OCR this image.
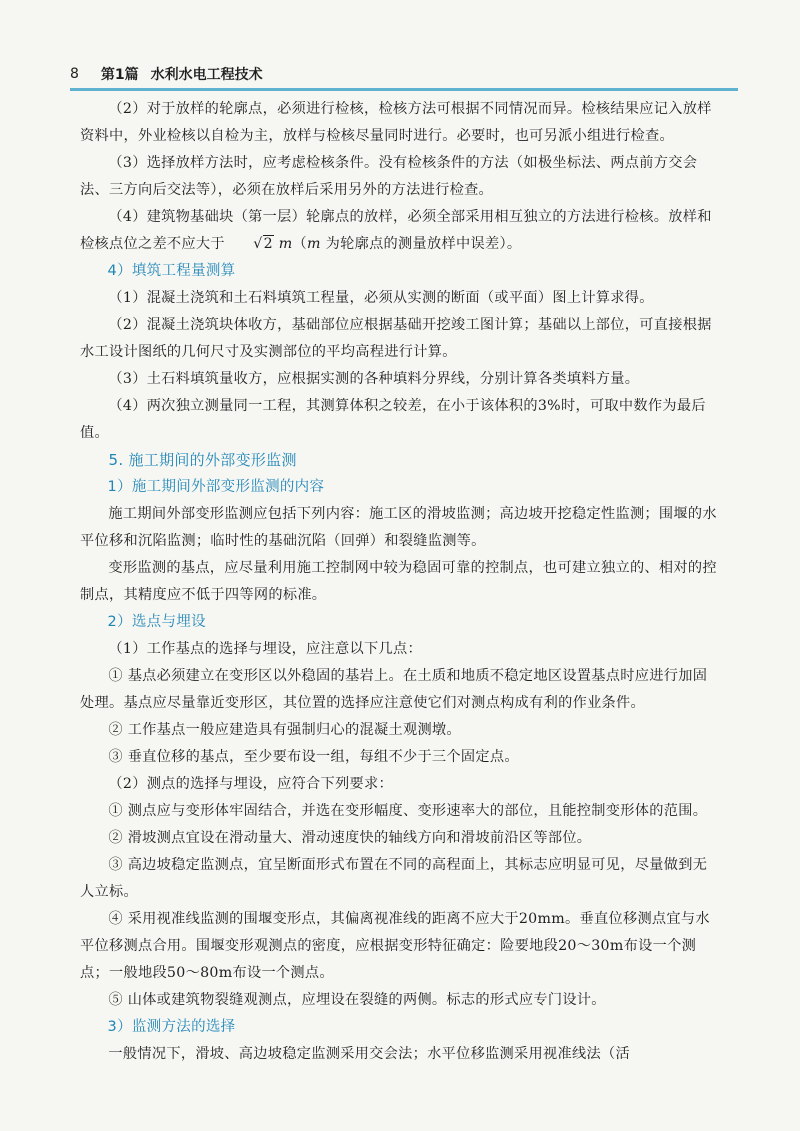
8 第1篇 水利水电工程技术

（2）对于放样的轮廓点，必须进行检核，检核方法可根据不同情况而异。检核结果应记入放样资料中，外业检核以自检为主，放样与检核尽量同时进行。必要时，也可另派小组进行检查。

（3）选择放样方法时，应考虑检核条件。没有检核条件的方法（如极坐标法、两点前方交会法、三方向后交法等），必须在放样后采用另外的方法进行检查。

（4）建筑物基础块（第一层）轮廓点的放样，必须全部采用相互独立的方法进行检核。放样和检核点位之差不应大于 √2 m（m 为轮廓点的测量放样中误差）。

4）填筑工程量测算

（1）混凝土浇筑和土石料填筑工程量，必须从实测的断面（或平面）图上计算求得。

（2）混凝土浇筑块体收方，基础部位应根据基础开挖竣工图计算；基础以上部位，可直接根据水工设计图纸的几何尺寸及实测部位的平均高程进行计算。

（3）土石料填筑量收方，应根据实测的各种填料分界线，分别计算各类填料方量。

（4）两次独立测量同一工程，其测算体积之较差，在小于该体积的3%时，可取中数作为最后值。

5. 施工期间的外部变形监测

1）施工期间外部变形监测的内容

施工期间外部变形监测应包括下列内容：施工区的滑坡监测；高边坡开挖稳定性监测；围堰的水平位移和沉陷监测；临时性的基础沉陷（回弹）和裂缝监测等。

变形监测的基点，应尽量利用施工控制网中较为稳固可靠的控制点，也可建立独立的、相对的控制点，其精度应不低于四等网的标准。

2）选点与埋设

（1）工作基点的选择与埋设，应注意以下几点：

① 基点必须建立在变形区以外稳固的基岩上。在土质和地质不稳定地区设置基点时应进行加固处理。基点应尽量靠近变形区，其位置的选择应注意使它们对测点构成有利的作业条件。

② 工作基点一般应建造具有强制归心的混凝土观测墩。

③ 垂直位移的基点，至少要布设一组，每组不少于三个固定点。

（2）测点的选择与埋设，应符合下列要求：

① 测点应与变形体牢固结合，并选在变形幅度、变形速率大的部位，且能控制变形体的范围。

② 滑坡测点宜设在滑动量大、滑动速度快的轴线方向和滑坡前沿区等部位。

③ 高边坡稳定监测点，宜呈断面形式布置在不同的高程面上，其标志应明显可见，尽量做到无人立标。

④ 采用视准线监测的围堰变形点，其偏离视准线的距离不应大于20mm。垂直位移测点宜与水平位移测点合用。围堰变形观测点的密度，应根据变形特征确定：险要地段20～30m布设一个测点；一般地段50～80m布设一个测点。

⑤ 山体或建筑物裂缝观测点，应埋设在裂缝的两侧。标志的形式应专门设计。

3）监测方法的选择

一般情况下，滑坡、高边坡稳定监测采用交会法；水平位移监测采用视准线法（活
